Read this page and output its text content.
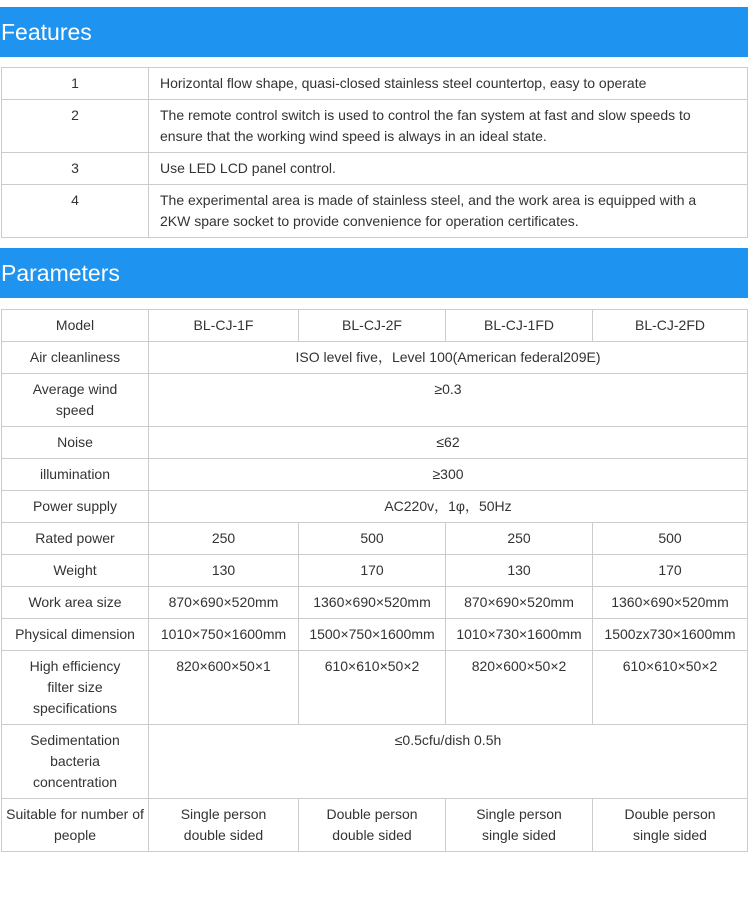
Features
1	Horizontal flow shape, quasi-closed stainless steel countertop, easy to operate
2	The remote control switch is used to control the fan system at fast and slow speeds to ensure that the working wind speed is always in an ideal state.
3	Use LED LCD panel control.
4	The experimental area is made of stainless steel, and the work area is equipped with a 2KW spare socket to provide convenience for operation certificates.
Parameters
Model	BL-CJ-1F	BL-CJ-2F	BL-CJ-1FD	BL-CJ-2FD
Air cleanliness	ISO level five，Level 100(American federal209E)			
Average wind speed	≥0.3			
Noise	≤62			
illumination	≥300			
Power supply	AC220v，1φ，50Hz			
Rated power	250	500	250	500
Weight	130	170	130	170
Work area size	870×690×520mm	1360×690×520mm	870×690×520mm	1360×690×520mm
Physical dimension	1010×750×1600mm	1500×750×1600mm	1010×730×1600mm	1500zx730×1600mm
High efficiency filter size specifications	820×600×50×1	610×610×50×2	820×600×50×2	610×610×50×2
Sedimentation bacteria concentration	≤0.5cfu/dish 0.5h			
Suitable for number of people	Single person double sided	Double person double sided	Single person single sided	Double person single sided
